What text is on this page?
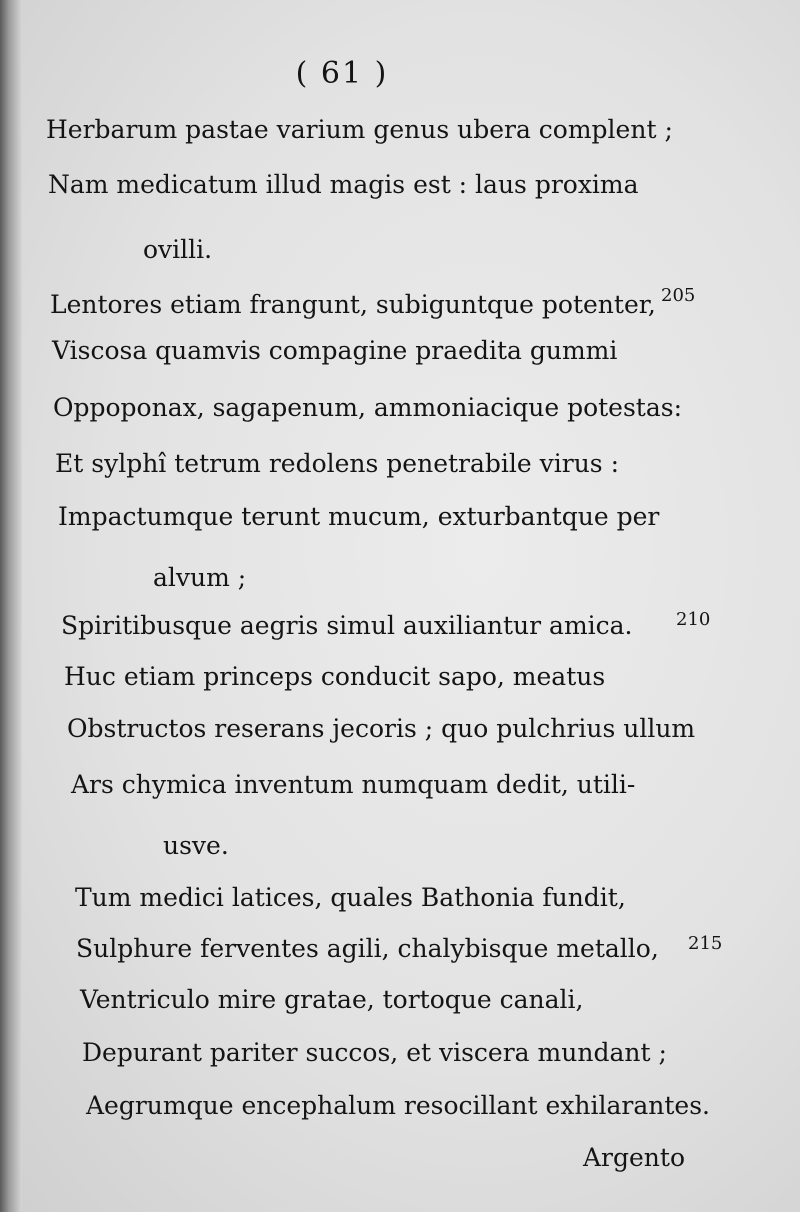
( 61 )
Herbarum pastae varium genus ubera complent ;
Nam medicatum illud magis est : laus proxima
ovilli.
Lentores etiam frangunt, subiguntque potenter, 205
Viscosa quamvis compagine praedita gummi
Oppoponax, sagapenum, ammoniacique potestas:
Et sylphî tetrum redolens penetrabile virus :
Impactumque terunt mucum, exturbantque per
alvum ;
Spiritibusque aegris simul auxiliantur amica. 210
Huc etiam princeps conducit sapo, meatus
Obstructos reserans jecoris ; quo pulchrius ullum
Ars chymica inventum numquam dedit, utili-
usve.
Tum medici latices, quales Bathonia fundit,
Sulphure ferventes agili, chalybisque metallo, 215
Ventriculo mire gratae, tortoque canali,
Depurant pariter succos, et viscera mundant ;
Aegrumque encephalum resocillant exhilarantes.
Argento
